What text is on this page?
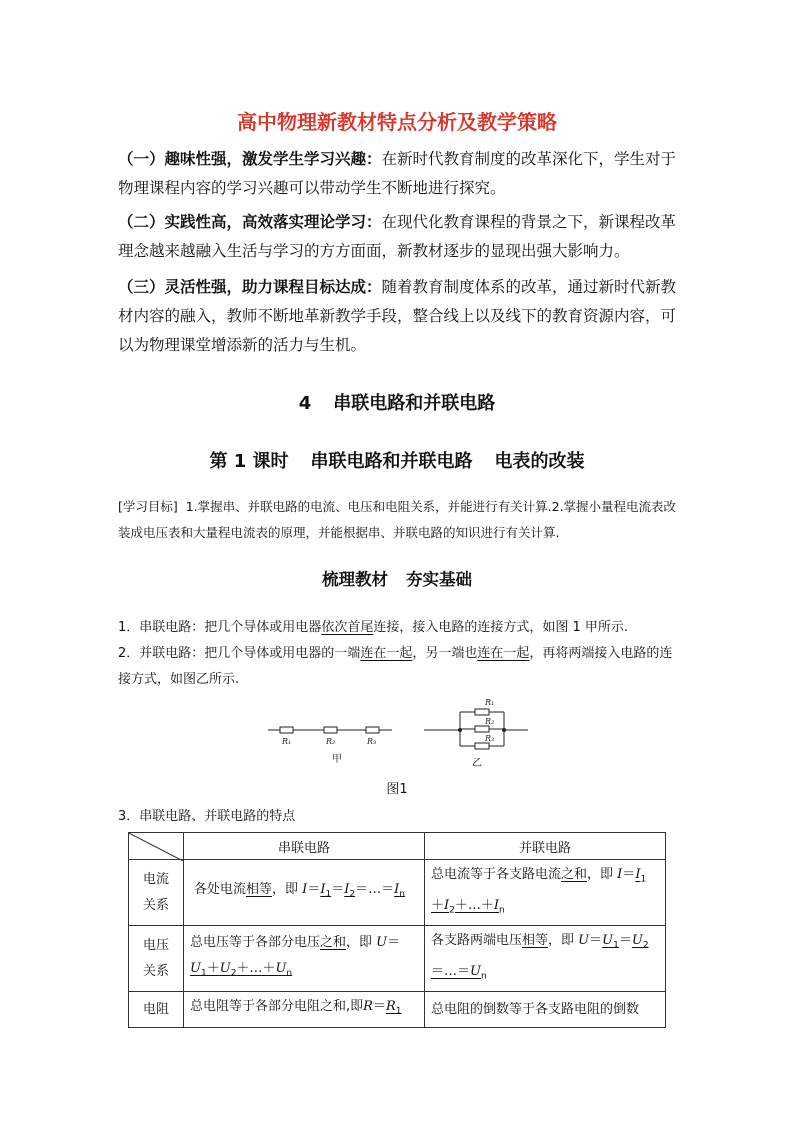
高中物理新教材特点分析及教学策略
（一）趣味性强，激发学生学习兴趣：在新时代教育制度的改革深化下，学生对于物理课程内容的学习兴趣可以带动学生不断地进行探究。
（二）实践性高，高效落实理论学习：在现代化教育课程的背景之下，新课程改革理念越来越融入生活与学习的方方面面，新教材逐步的显现出强大影响力。
（三）灵活性强，助力课程目标达成：随着教育制度体系的改革，通过新时代新教材内容的融入，教师不断地革新教学手段，整合线上以及线下的教育资源内容，可以为物理课堂增添新的活力与生机。
4 串联电路和并联电路
第 1 课时 串联电路和并联电路 电表的改装
[学习目标] 1.掌握串、并联电路的电流、电压和电阻关系，并能进行有关计算.2.掌握小量程电流表改装成电压表和大量程电流表的原理，并能根据串、并联电路的知识进行有关计算.
梳理教材 夯实基础
1．串联电路：把几个导体或用电器依次首尾连接，接入电路的连接方式，如图 1 甲所示.
2．并联电路：把几个导体或用电器的一端连在一起，另一端也连在一起，再将两端接入电路的连接方式，如图乙所示.
R₁	R₂	R₃
甲
R₁
R₂
R₃
乙
图1
3．串联电路、并联电路的特点
	串联电路	并联电路
电流
关系	各处电流相等，即 $I=I_1=I_2=\dots=I_n$	总电流等于各支路电流之和，即 $I=I_1$
$+I_2+\dots+I_n$
电压
关系	总电压等于各部分电压之和，即 U＝
$U_1+U_2+\dots+U_n$	各支路两端电压相等，即 $U=U_1=U_2$
$=\dots=U_n$
电阻	总电阻等于各部分电阻之和,即$R=R_1$	总电阻的倒数等于各支路电阻的倒数
